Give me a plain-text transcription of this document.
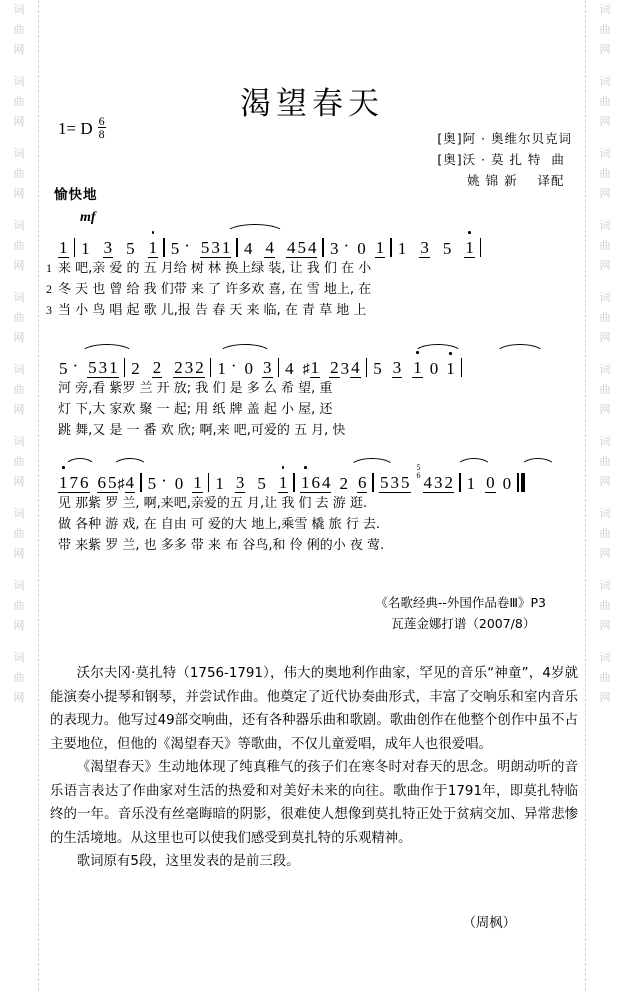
词
曲
网
词
曲
网
词
曲
网
词
曲
网
词
曲
网
词
曲
网
词
曲
网
词
曲
网
词
曲
网
词
曲
网
词
曲
网
词
曲
网
词
曲
网
词
曲
网
词
曲
网
词
曲
网
词
曲
网
词
曲
网
词
曲
网
词
曲
网
渴望春天
1= D $\frac{6}{8}$	[奥]阿 · 奥维尔贝克词
[奥]沃 · 莫 扎 特  曲
姚 锦 新    译配
愉快地
mf
1 1 3 5 1 5 · 5 3 1 4 4 4 5 4 3 · 0 1 1 3 5 1
1 来 吧,亲 爱 的 五 月给 树 林 换上绿 装, 让 我 们 在 小
2 冬 天 也 曾 给 我 们带 来 了 许多欢 喜, 在 雪 地上, 在
3 当 小 鸟 唱 起 歌 儿,报 告 春 天 来 临, 在 青 草 地 上
5 · 5 3 1 2 2 2 3 2 1 · 0 3 4 ♯ 1 2 3 4 5 3 1 0 1
河 旁,看 紫罗 兰 开 放; 我 们 是 多 么 希 望, 重
灯 下,大 家欢 聚 一 起; 用 纸 牌 盖 起 小 屋, 还
跳 舞,又 是 一 番 欢 欣; 啊,来 吧,可爱的 五 月, 快
1 7 6 6 5 ♯ 4 5 · 0 1 1 3 5 1 1 6 4 2 6 5 3 5
5
6 4 3 2 1 0 0
见 那紫 罗 兰, 啊,来吧,亲爱的五 月,让 我 们 去 游 逛.
做 各种 游 戏, 在 自由 可 爱的大 地上,乘雪 橇 旅 行 去.
带 来紫 罗 兰, 也 多多 带 来 布 谷鸟,和 伶 俐的小 夜 莺.
《名歌经典--外国作品卷Ⅲ》P3
瓦莲金娜打谱（2007/8）

沃尔夫冈·莫扎特（1756-1791），伟大的奥地利作曲家，罕见的音乐“神童”，4岁就能演奏小提琴和钢琴，并尝试作曲。他奠定了近代协奏曲形式，丰富了交响乐和室内音乐的表现力。他写过49部交响曲，还有各种器乐曲和歌剧。歌曲创作在他整个创作中虽不占主要地位，但他的《渴望春天》等歌曲，不仅儿童爱唱，成年人也很爱唱。

《渴望春天》生动地体现了纯真稚气的孩子们在寒冬时对春天的思念。明朗动听的音乐语言表达了作曲家对生活的热爱和对美好未来的向往。歌曲作于1791年，即莫扎特临终的一年。音乐没有丝毫晦暗的阴影，很难使人想像到莫扎特正处于贫病交加、异常悲惨的生活境地。从这里也可以使我们感受到莫扎特的乐观精神。

歌词原有5段，这里发表的是前三段。

（周枫）
